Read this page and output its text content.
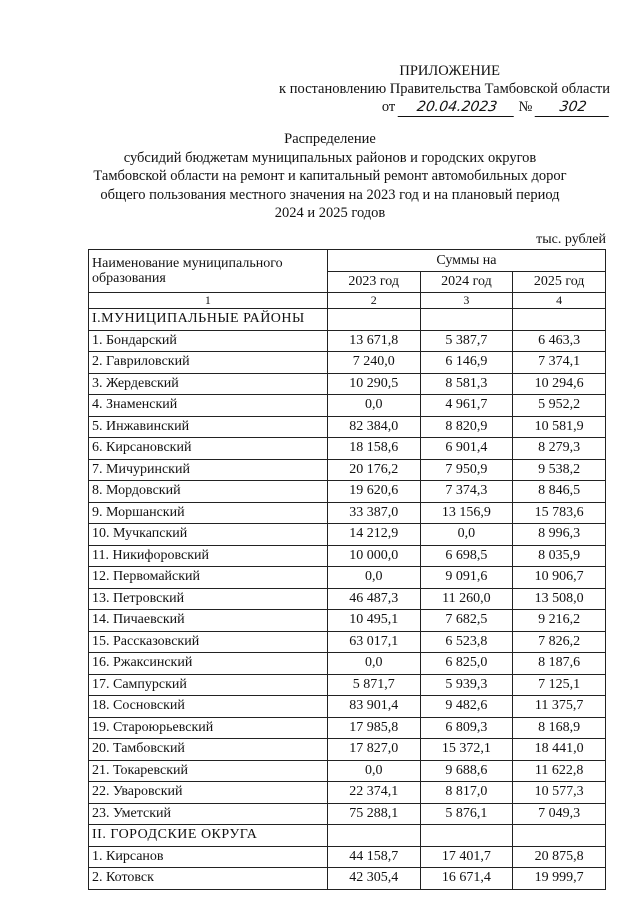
ПРИЛОЖЕНИЕ
к постановлению Правительства Тамбовской области
от 20.04.2023 № 302
Распределение
субсидий бюджетам муниципальных районов и городских округов
Тамбовской области на ремонт и капитальный ремонт автомобильных дорог
общего пользования местного значения на 2023 год и на плановый период
2024 и 2025 годов
тыс. рублей
Наименование муниципального образования	Суммы на		
	2023 год	2024 год	2025 год
1	2	3	4
I.МУНИЦИПАЛЬНЫЕ РАЙОНЫ			
1. Бондарский	13 671,8	5 387,7	6 463,3
2. Гавриловский	7 240,0	6 146,9	7 374,1
3. Жердевский	10 290,5	8 581,3	10 294,6
4. Знаменский	0,0	4 961,7	5 952,2
5. Инжавинский	82 384,0	8 820,9	10 581,9
6. Кирсановский	18 158,6	6 901,4	8 279,3
7. Мичуринский	20 176,2	7 950,9	9 538,2
8. Мордовский	19 620,6	7 374,3	8 846,5
9. Моршанский	33 387,0	13 156,9	15 783,6
10. Мучкапский	14 212,9	0,0	8 996,3
11. Никифоровский	10 000,0	6 698,5	8 035,9
12. Первомайский	0,0	9 091,6	10 906,7
13. Петровский	46 487,3	11 260,0	13 508,0
14. Пичаевский	10 495,1	7 682,5	9 216,2
15. Рассказовский	63 017,1	6 523,8	7 826,2
16. Ржаксинский	0,0	6 825,0	8 187,6
17. Сампурский	5 871,7	5 939,3	7 125,1
18. Сосновский	83 901,4	9 482,6	11 375,7
19. Староюрьевский	17 985,8	6 809,3	8 168,9
20. Тамбовский	17 827,0	15 372,1	18 441,0
21. Токаревский	0,0	9 688,6	11 622,8
22. Уваровский	22 374,1	8 817,0	10 577,3
23. Уметский	75 288,1	5 876,1	7 049,3
II. ГОРОДСКИЕ ОКРУГА			
1. Кирсанов	44 158,7	17 401,7	20 875,8
2. Котовск	42 305,4	16 671,4	19 999,7
